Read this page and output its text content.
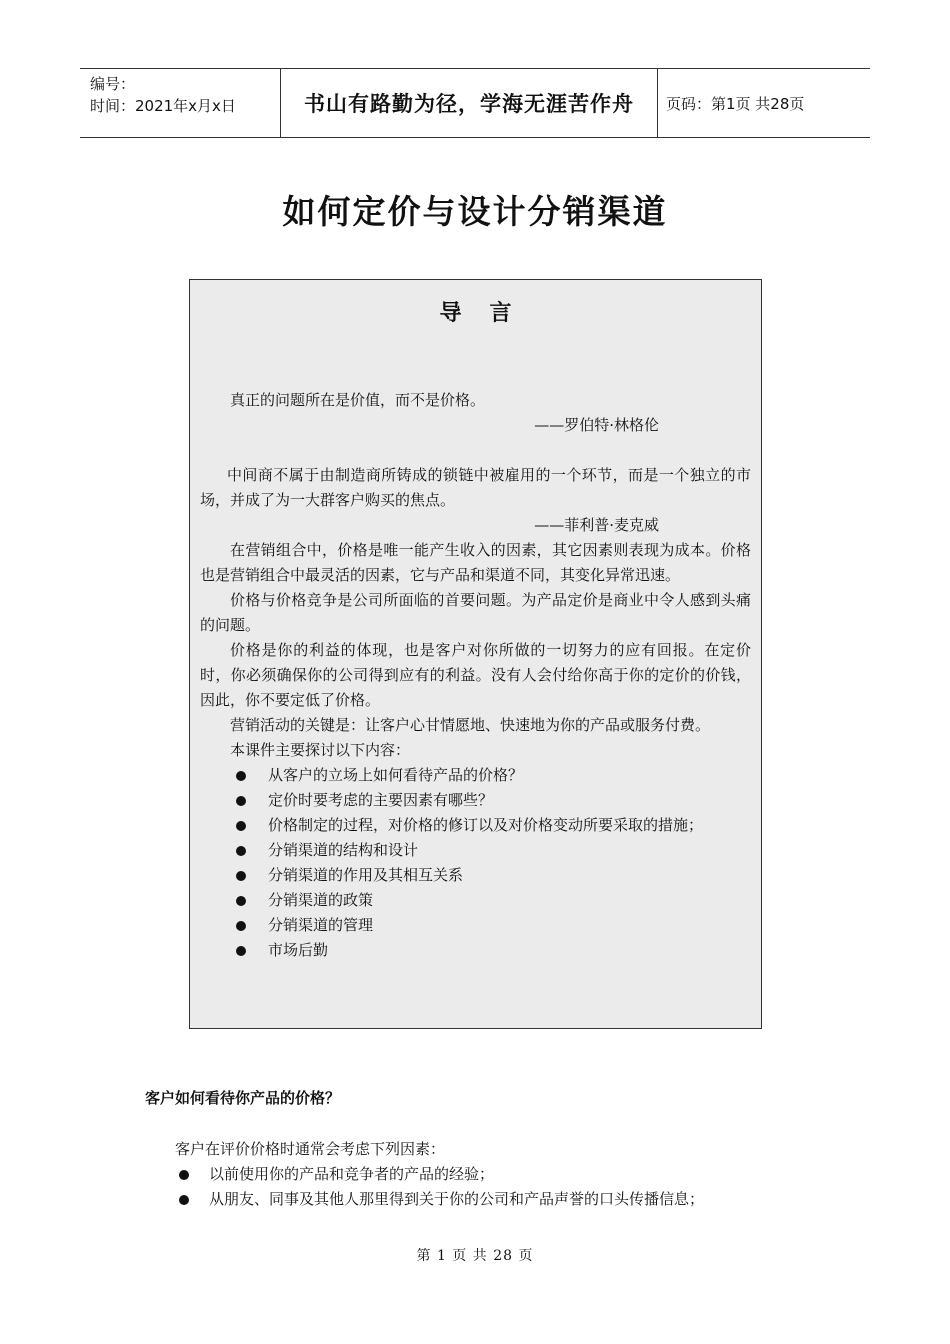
编号：
时间：2021年x月x日	书山有路勤为径，学海无涯苦作舟	页码：第1页 共28页
如何定价与设计分销渠道
导言

真正的问题所在是价值，而不是价格。

——罗伯特·林格伦

中间商不属于由制造商所铸成的锁链中被雇用的一个环节，而是一个独立的市场，并成了为一大群客户购买的焦点。

——菲利普·麦克威

在营销组合中，价格是唯一能产生收入的因素，其它因素则表现为成本。价格也是营销组合中最灵活的因素，它与产品和渠道不同，其变化异常迅速。

价格与价格竞争是公司所面临的首要问题。为产品定价是商业中令人感到头痛的问题。

价格是你的利益的体现，也是客户对你所做的一切努力的应有回报。在定价时，你必须确保你的公司得到应有的利益。没有人会付给你高于你的定价的价钱，因此，你不要定低了价格。

营销活动的关键是：让客户心甘情愿地、快速地为你的产品或服务付费。

本课件主要探讨以下内容：

从客户的立场上如何看待产品的价格？
定价时要考虑的主要因素有哪些？
价格制定的过程，对价格的修订以及对价格变动所要采取的措施；
分销渠道的结构和设计
分销渠道的作用及其相互关系
分销渠道的政策
分销渠道的管理
市场后勤
客户如何看待你产品的价格？

客户在评价价格时通常会考虑下列因素：

以前使用你的产品和竞争者的产品的经验；
从朋友、同事及其他人那里得到关于你的公司和产品声誉的口头传播信息；
第 1 页 共 28 页
